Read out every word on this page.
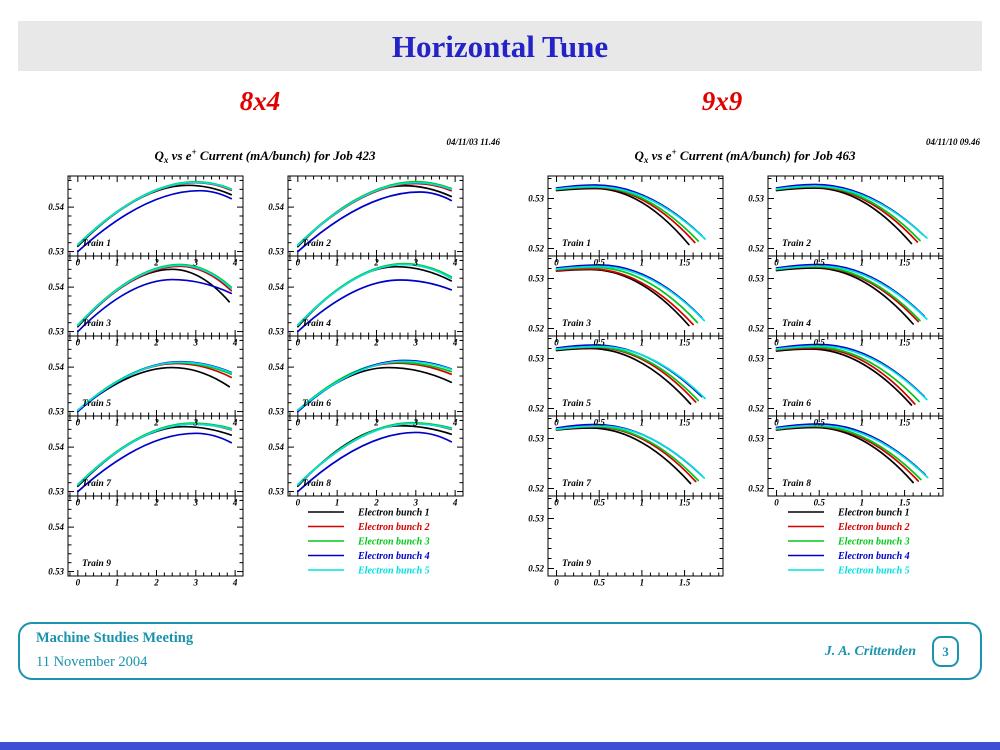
Horizontal Tune
8x4	9x9
$Q_x$ vs e+ Current (mA/bunch) for Job 423
04/11/03 11.46
0	1	2	3	4
0.53
0.54
Train 1
0	1	2	3	4
0.53
0.54
Train 2
0	1	2	3	4
0.53
0.54
Train 3
0	1	2	3	4
0.53
0.54
Train 4
0	1	2	3	4
0.53
0.54
Train 5
0	1	2	3	4
0.53
0.54
Train 6
0	1	2	3	4
0.53
0.54
Train 7
0	1	2	3	4
0.53
0.54
Train 8
0	1	2	3	4
0.53
0.54
Train 9
Electron bunch 1
Electron bunch 2
Electron bunch 3
Electron bunch 4
Electron bunch 5
$Q_x$ vs e+ Current (mA/bunch) for Job 463
04/11/10 09.46
0	0.5	1	1.5
0.52
0.53
Train 1
0	0.5	1	1.5
0.52
0.53
Train 2
0	0.5	1	1.5
0.52
0.53
Train 3
0	0.5	1	1.5
0.52
0.53
Train 4
0	0.5	1	1.5
0.52
0.53
Train 5
0	0.5	1	1.5
0.52
0.53
Train 6
0	0.5	1	1.5
0.52
0.53
Train 7
0	0.5	1	1.5
0.52
0.53
Train 8
0	0.5	1	1.5
0.52
0.53
Train 9
Electron bunch 1
Electron bunch 2
Electron bunch 3
Electron bunch 4
Electron bunch 5
Machine Studies Meeting
11 November 2004
J. A. Crittenden	3
